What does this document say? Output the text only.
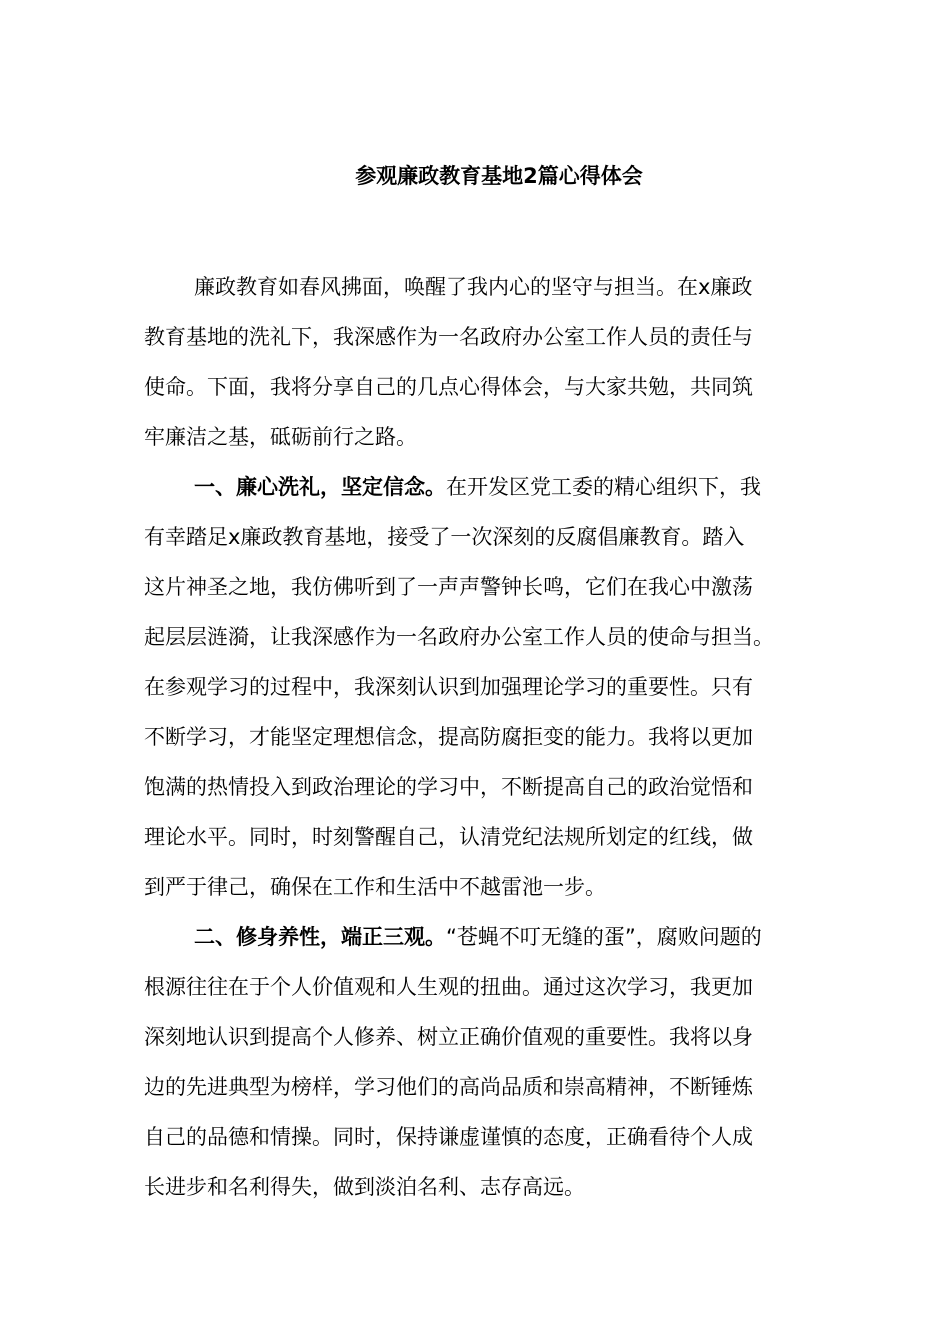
参观廉政教育基地2篇心得体会
廉政教育如春风拂面，唤醒了我内心的坚守与担当。在x廉政
教育基地的洗礼下，我深感作为一名政府办公室工作人员的责任与
使命。下面，我将分享自己的几点心得体会，与大家共勉，共同筑
牢廉洁之基，砥砺前行之路。
一、廉心洗礼，坚定信念。在开发区党工委的精心组织下，我
有幸踏足x廉政教育基地，接受了一次深刻的反腐倡廉教育。踏入
这片神圣之地，我仿佛听到了一声声警钟长鸣，它们在我心中激荡
起层层涟漪，让我深感作为一名政府办公室工作人员的使命与担当。
在参观学习的过程中，我深刻认识到加强理论学习的重要性。只有
不断学习，才能坚定理想信念，提高防腐拒变的能力。我将以更加
饱满的热情投入到政治理论的学习中，不断提高自己的政治觉悟和
理论水平。同时，时刻警醒自己，认清党纪法规所划定的红线，做
到严于律己，确保在工作和生活中不越雷池一步。
二、修身养性，端正三观。“苍蝇不叮无缝的蛋”，腐败问题的
根源往往在于个人价值观和人生观的扭曲。通过这次学习，我更加
深刻地认识到提高个人修养、树立正确价值观的重要性。我将以身
边的先进典型为榜样，学习他们的高尚品质和崇高精神，不断锤炼
自己的品德和情操。同时，保持谦虚谨慎的态度，正确看待个人成
长进步和名利得失，做到淡泊名利、志存高远。
